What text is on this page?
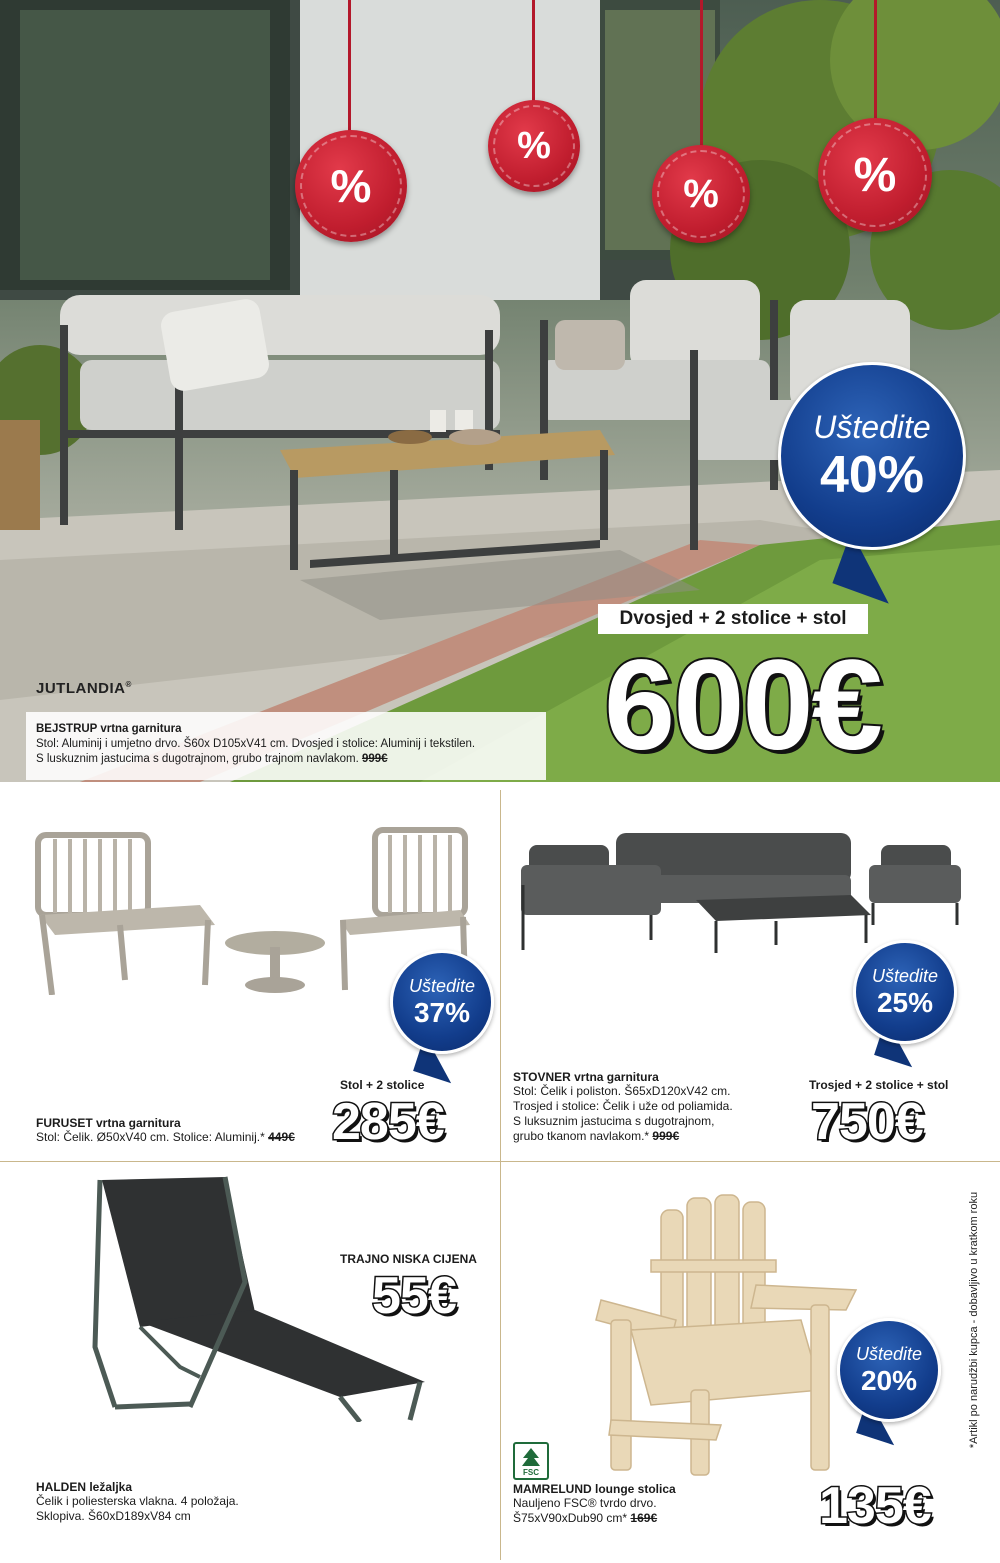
%
%
%	%
Uštedite
40%
Dvosjed + 2 stolice + stol
600€
JUTLANDIA®
BEJSTRUP vrtna garnitura
Stol: Aluminij i umjetno drvo. Š60x D105xV41 cm. Dvosjed i stolice: Aluminij i tekstilen.
S luskuznim jastucima s dugotrajnom, grubo trajnom navlakom. 999€
Uštedite
37%
Stol + 2 stolice
285€
FURUSET vrtna garnitura
Stol: Čelik. Ø50xV40 cm. Stolice: Aluminij.* 449€
Uštedite
25%
STOVNER vrtna garnitura
Stol: Čelik i poliston. Š65xD120xV42 cm.
Trosjed i stolice: Čelik i uže od poliamida.
S luksuznim jastucima s dugotrajnom,
grubo tkanom navlakom.* 999€
Trosjed + 2 stolice + stol
750€
TRAJNO NISKA CIJENA
55€
HALDEN ležaljka
Čelik i poliesterska vlakna. 4 položaja.
Sklopiva. Š60xD189xV84 cm
Uštedite
20%
FSC
MAMRELUND lounge stolica
Nauljeno FSC® tvrdo drvo.
Š75xV90xDub90 cm* 169€	135€
*Artikl po narudžbi kupca - dobavljivo u kratkom roku
